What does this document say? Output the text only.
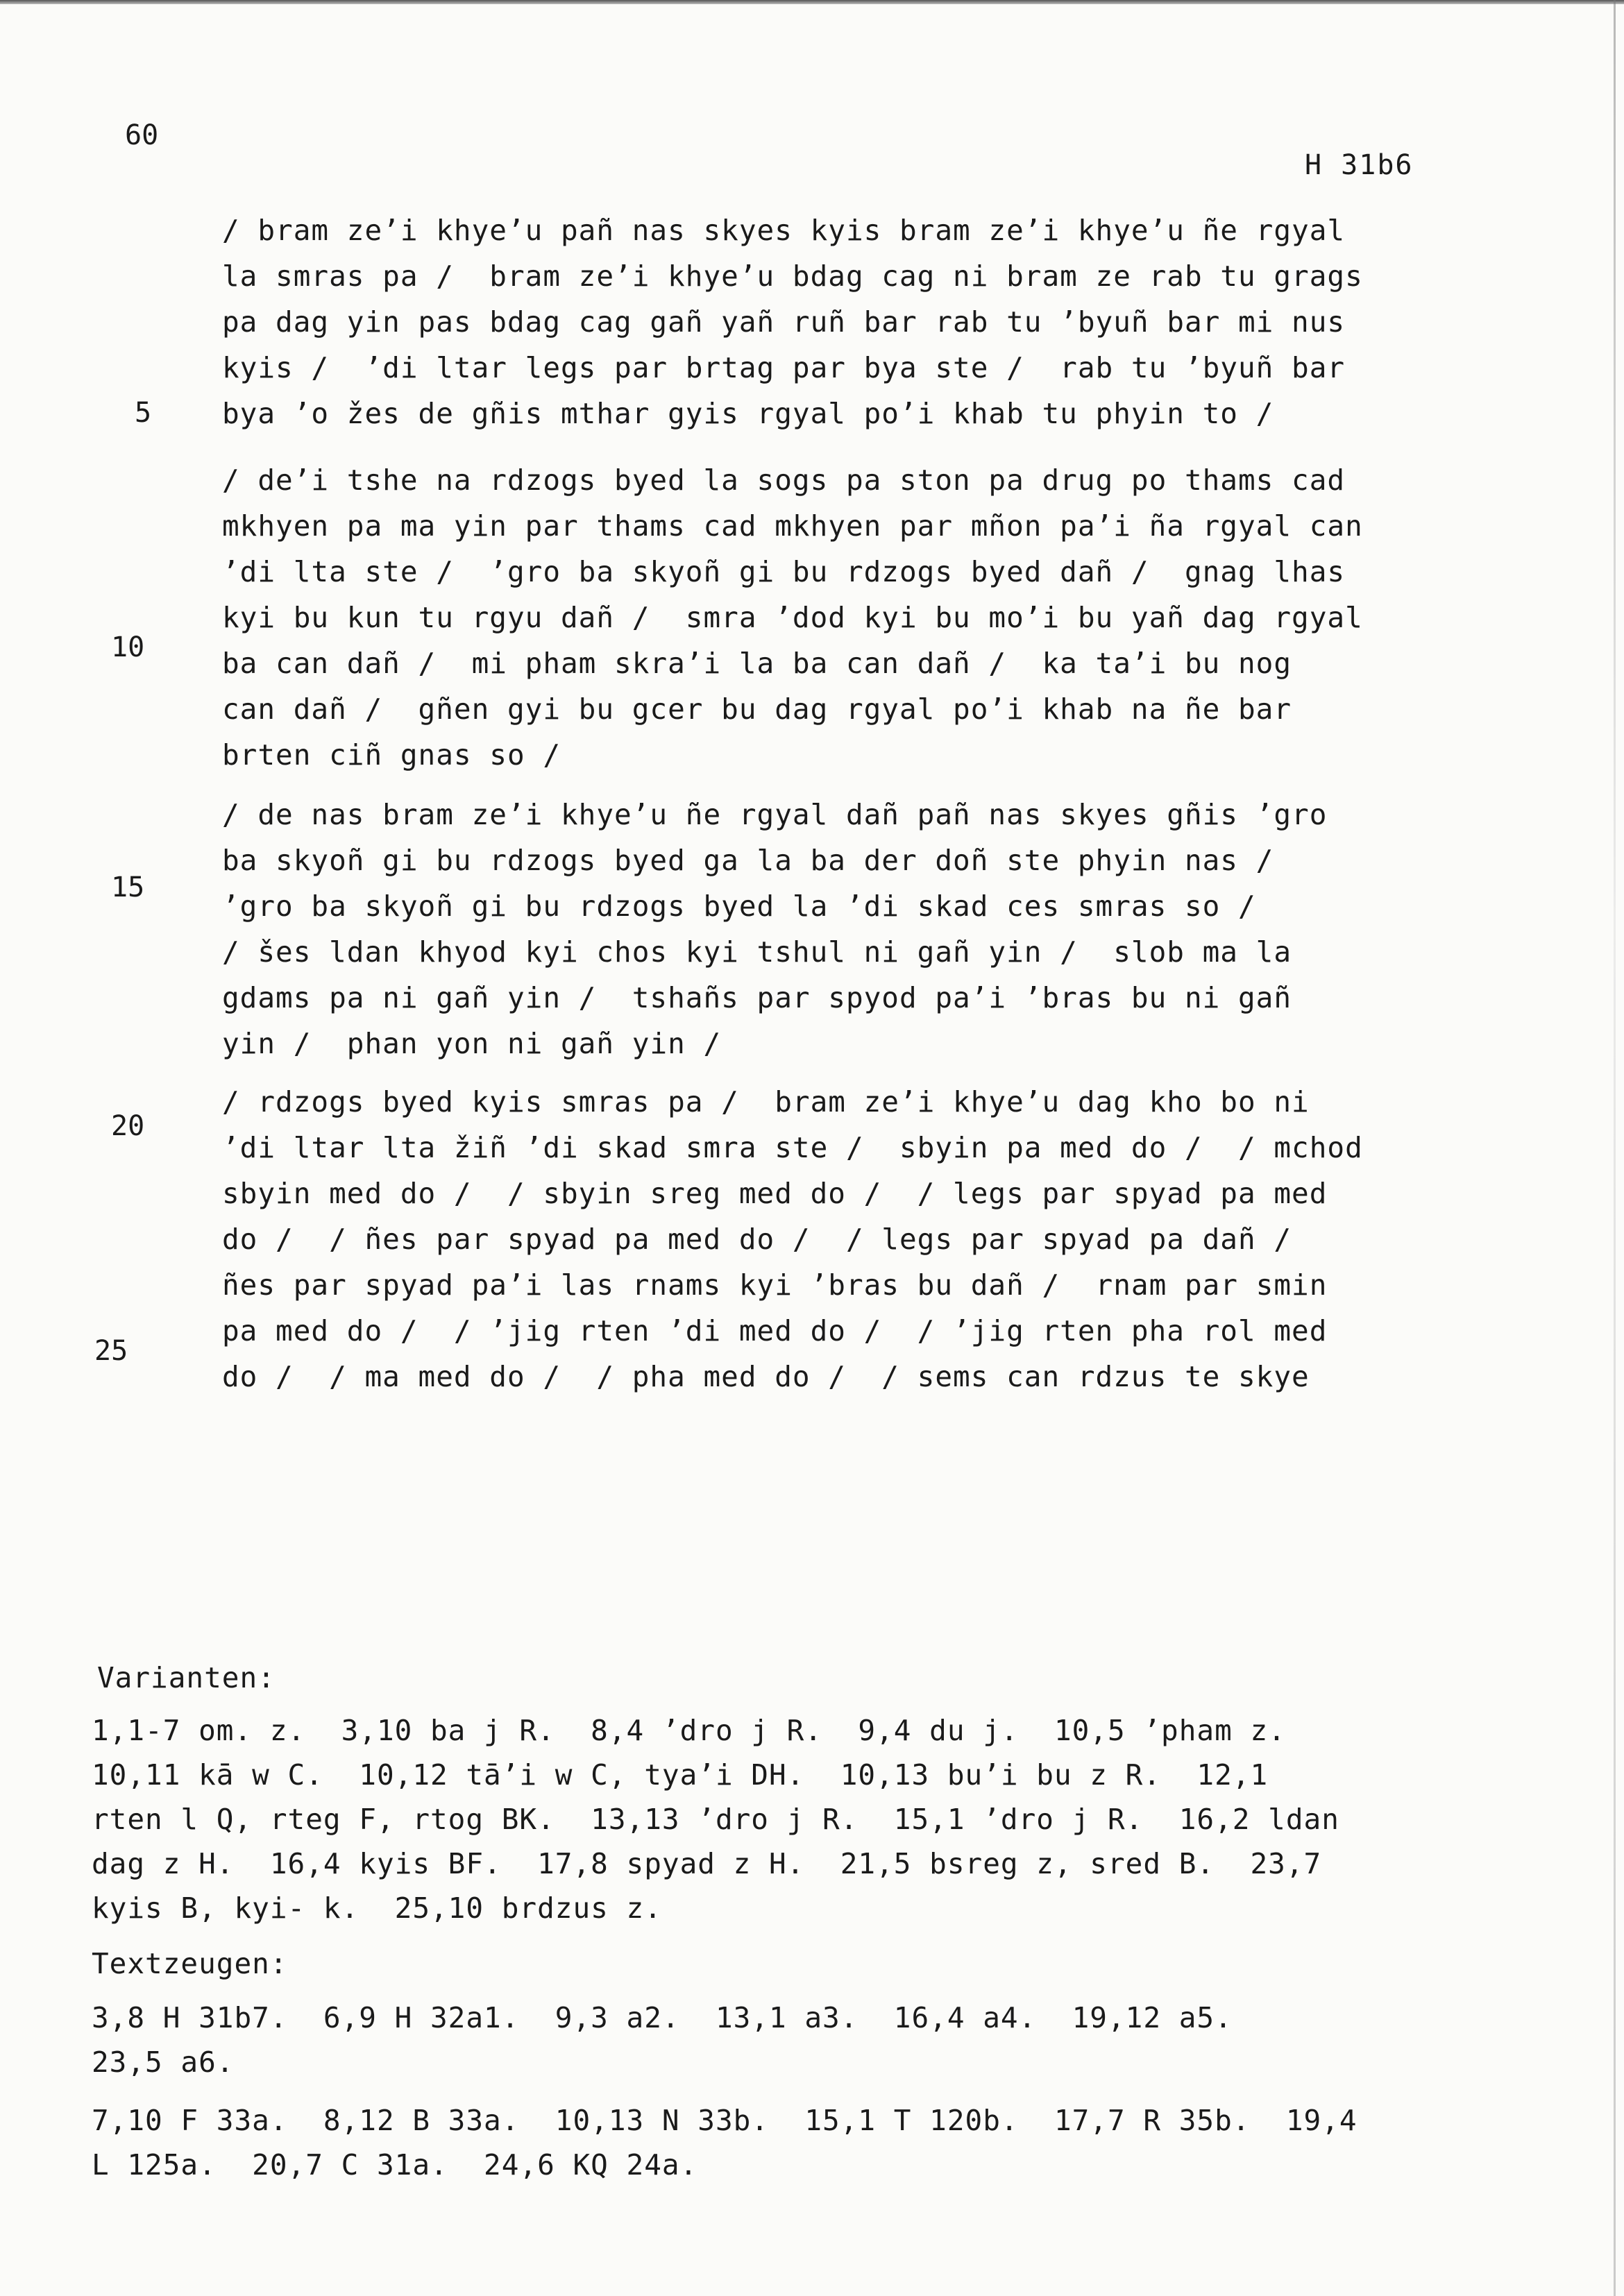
60
H 31b6
/ bram ze’i khye’u pañ nas skyes kyis bram ze’i khye’u ñe rgyal
la smras pa /  bram ze’i khye’u bdag cag ni bram ze rab tu grags
pa dag yin pas bdag cag gañ yañ ruñ bar rab tu ’byuñ bar mi nus
kyis /  ’di ltar legs par brtag par bya ste /  rab tu ’byuñ bar
bya ’o žes de gñis mthar gyis rgyal po’i khab tu phyin to /
/ de’i tshe na rdzogs byed la sogs pa ston pa drug po thams cad
mkhyen pa ma yin par thams cad mkhyen par mñon pa’i ña rgyal can
’di lta ste /  ’gro ba skyoñ gi bu rdzogs byed dañ /  gnag lhas
kyi bu kun tu rgyu dañ /  smra ’dod kyi bu mo’i bu yañ dag rgyal
ba can dañ /  mi pham skra’i la ba can dañ /  ka ta’i bu nog
can dañ /  gñen gyi bu gcer bu dag rgyal po’i khab na ñe bar
brten ciñ gnas so /
/ de nas bram ze’i khye’u ñe rgyal dañ pañ nas skyes gñis ’gro
ba skyoñ gi bu rdzogs byed ga la ba der doñ ste phyin nas /
’gro ba skyoñ gi bu rdzogs byed la ’di skad ces smras so /
/ šes ldan khyod kyi chos kyi tshul ni gañ yin /  slob ma la
gdams pa ni gañ yin /  tshañs par spyod pa’i ’bras bu ni gañ
yin /  phan yon ni gañ yin /
/ rdzogs byed kyis smras pa /  bram ze’i khye’u dag kho bo ni
’di ltar lta žiñ ’di skad smra ste /  sbyin pa med do /  / mchod
sbyin med do /  / sbyin sreg med do /  / legs par spyad pa med
do /  / ñes par spyad pa med do /  / legs par spyad pa dañ /
ñes par spyad pa’i las rnams kyi ’bras bu dañ /  rnam par smin
pa med do /  / ’jig rten ’di med do /  / ’jig rten pha rol med
do /  / ma med do /  / pha med do /  / sems can rdzus te skye
5
10
15
20
25
Varianten:
1,1-7 om. z.  3,10 ba j R.  8,4 ’dro j R.  9,4 du j.  10,5 ’pham z.
10,11 kā w C.  10,12 tā’i w C, tya’i DH.  10,13 bu’i bu z R.  12,1
rten l Q, rteg F, rtog BK.  13,13 ’dro j R.  15,1 ’dro j R.  16,2 ldan
dag z H.  16,4 kyis BF.  17,8 spyad z H.  21,5 bsreg z, sred B.  23,7
kyis B, kyi- k.  25,10 brdzus z.
Textzeugen:
3,8 H 31b7.  6,9 H 32a1.  9,3 a2.  13,1 a3.  16,4 a4.  19,12 a5.
23,5 a6.
7,10 F 33a.  8,12 B 33a.  10,13 N 33b.  15,1 T 120b.  17,7 R 35b.  19,4
L 125a.  20,7 C 31a.  24,6 KQ 24a.
